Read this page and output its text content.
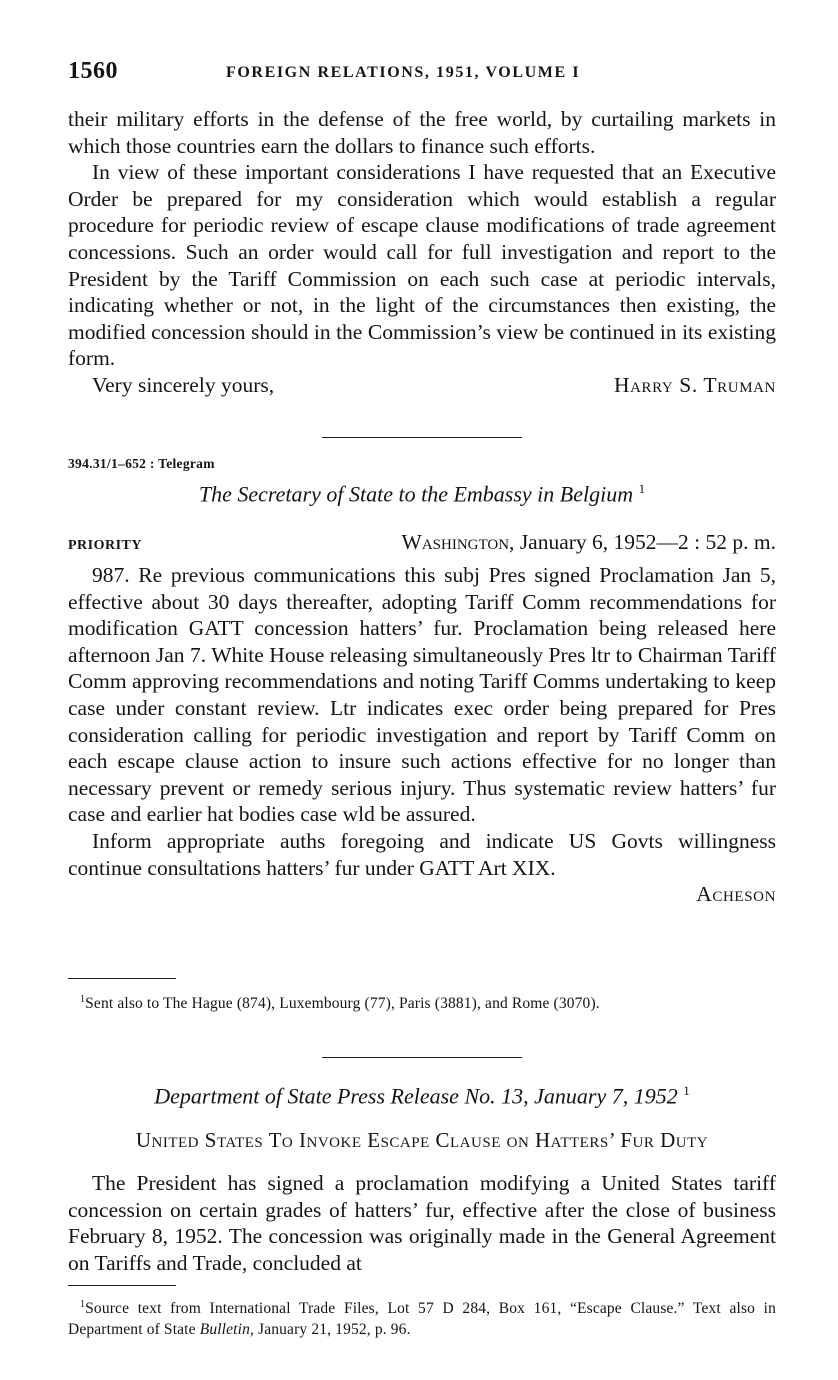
1560	FOREIGN RELATIONS, 1951, VOLUME I

their military efforts in the defense of the free world, by curtailing markets in which those countries earn the dollars to finance such efforts.

In view of these important considerations I have requested that an Executive Order be prepared for my consideration which would establish a regular procedure for periodic review of escape clause modifications of trade agreement concessions. Such an order would call for full investigation and report to the President by the Tariff Commission on each such case at periodic intervals, indicating whether or not, in the light of the circumstances then existing, the modified concession should in the Commission’s view be continued in its existing form.

Very sincerely yours,	Harry S. Truman
394.31/1–652 : Telegram
The Secretary of State to the Embassy in Belgium $^1$
PRIORITY	Washington, January 6, 1952—2 : 52 p. m.

987. Re previous communications this subj Pres signed Proclamation Jan 5, effective about 30 days thereafter, adopting Tariff Comm recommendations for modification GATT concession hatters’ fur. Proclamation being released here afternoon Jan 7. White House releasing simultaneously Pres ltr to Chairman Tariff Comm approving recommendations and noting Tariff Comms undertaking to keep case under constant review. Ltr indicates exec order being prepared for Pres consideration calling for periodic investigation and report by Tariff Comm on each escape clause action to insure such actions effective for no longer than necessary prevent or remedy serious injury. Thus systematic review hatters’ fur case and earlier hat bodies case wld be assured.

Inform appropriate auths foregoing and indicate US Govts willingness continue consultations hatters’ fur under GATT Art XIX.

Acheson
$^1$Sent also to The Hague (874), Luxembourg (77), Paris (3881), and Rome (3070).
Department of State Press Release No. 13, January 7, 1952 $^1$
United States To Invoke Escape Clause on Hatters’ Fur Duty

The President has signed a proclamation modifying a United States tariff concession on certain grades of hatters’ fur, effective after the close of business February 8, 1952. The concession was originally made in the General Agreement on Tariffs and Trade, concluded at

$^1$Source text from International Trade Files, Lot 57 D 284, Box 161, “Escape Clause.” Text also in Department of State Bulletin, January 21, 1952, p. 96.
